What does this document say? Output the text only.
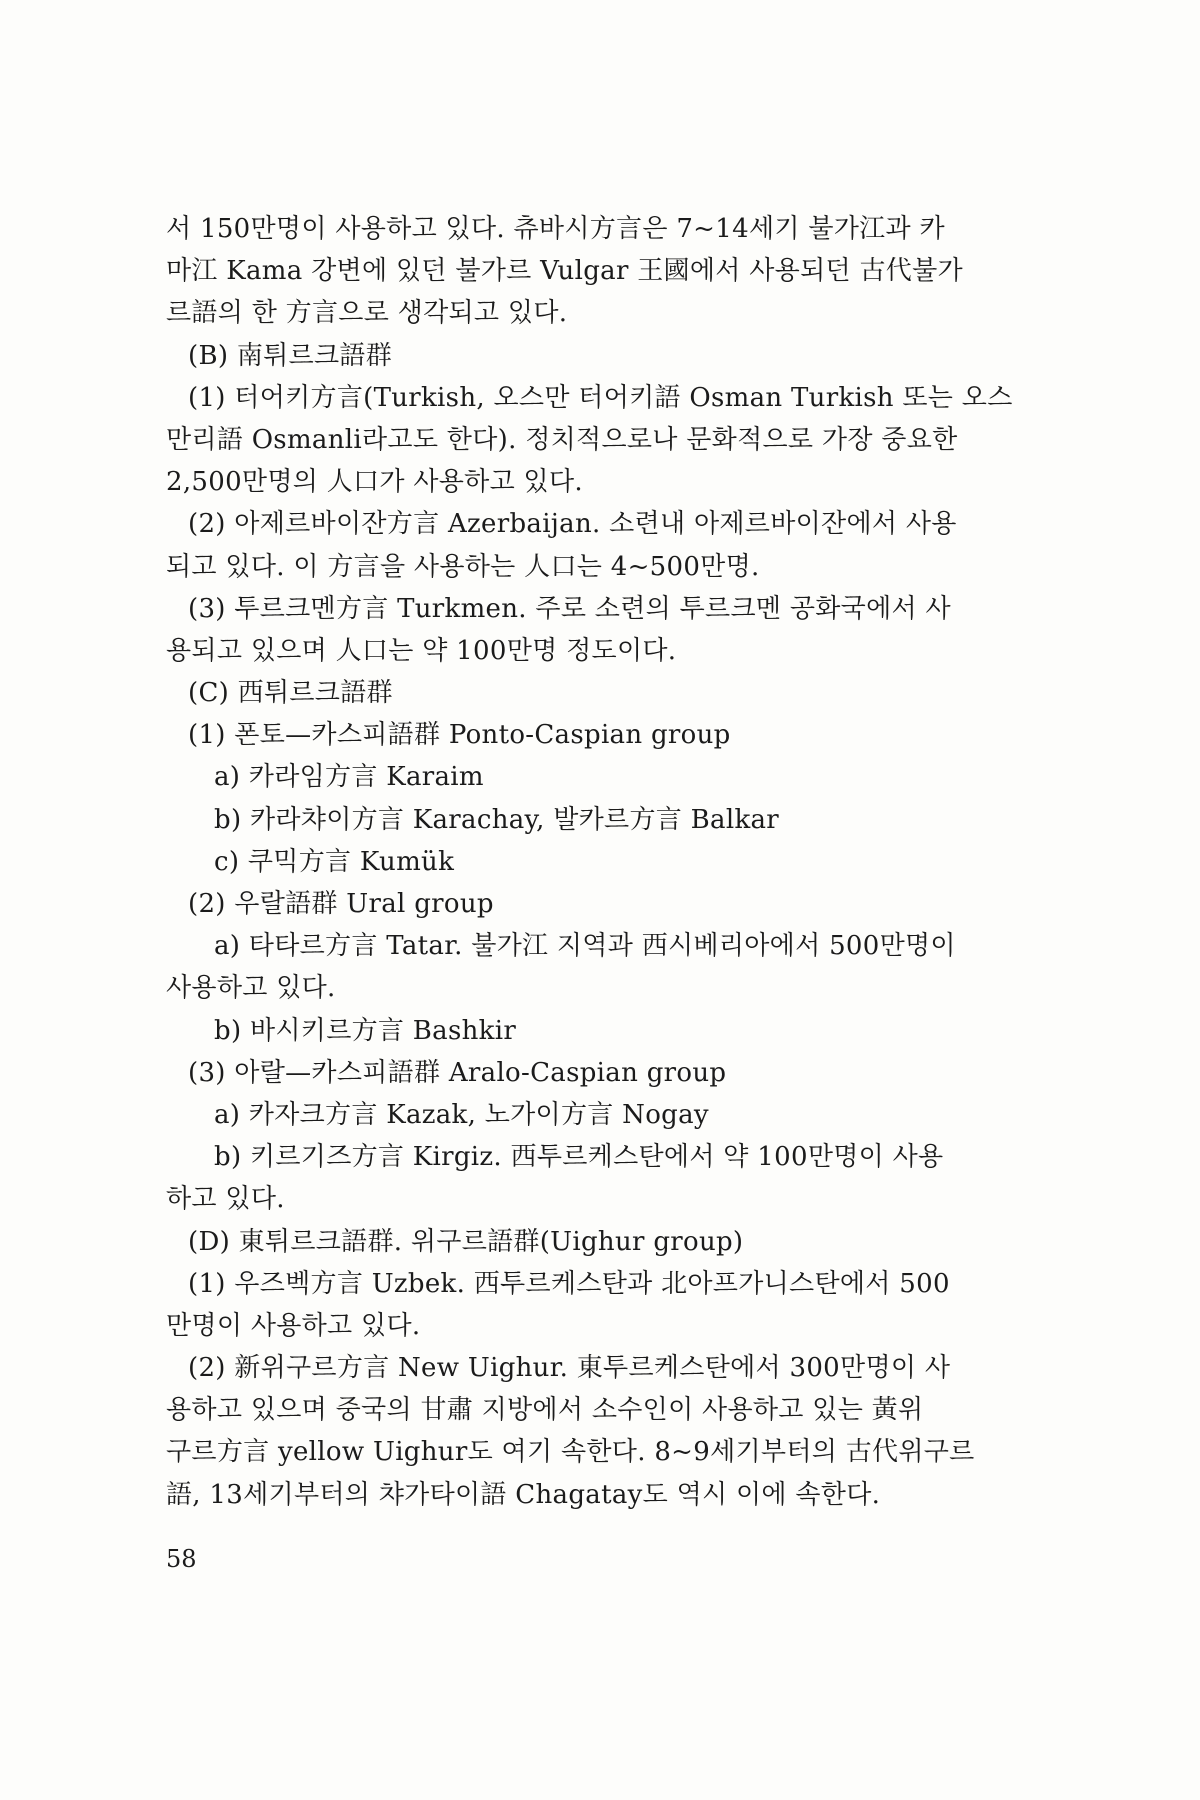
서 150만명이 사용하고 있다. 츄바시方言은 7~14세기 불가江과 카
마江 Kama 강변에 있던 불가르 Vulgar 王國에서 사용되던 古代불가
르語의 한 方言으로 생각되고 있다.
(B) 南튀르크語群
(1) 터어키方言(Turkish, 오스만 터어키語 Osman Turkish 또는 오스
만리語 Osmanli라고도 한다). 정치적으로나 문화적으로 가장 중요한
2,500만명의 人口가 사용하고 있다.
(2) 아제르바이잔方言 Azerbaijan. 소련내 아제르바이잔에서 사용
되고 있다. 이 方言을 사용하는 人口는 4~500만명.
(3) 투르크멘方言 Turkmen. 주로 소련의 투르크멘 공화국에서 사
용되고 있으며 人口는 약 100만명 정도이다.
(C) 西튀르크語群
(1) 폰토—카스피語群 Ponto-Caspian group
a) 카라임方言 Karaim
b) 카라챠이方言 Karachay, 발카르方言 Balkar
c) 쿠믹方言 Kumük
(2) 우랄語群 Ural group
a) 타타르方言 Tatar. 불가江 지역과 西시베리아에서 500만명이
사용하고 있다.
b) 바시키르方言 Bashkir
(3) 아랄—카스피語群 Aralo-Caspian group
a) 카자크方言 Kazak, 노가이方言 Nogay
b) 키르기즈方言 Kirgiz. 西투르케스탄에서 약 100만명이 사용
하고 있다.
(D) 東튀르크語群. 위구르語群(Uighur group)
(1) 우즈벡方言 Uzbek. 西투르케스탄과 北아프가니스탄에서 500
만명이 사용하고 있다.
(2) 新위구르方言 New Uighur. 東투르케스탄에서 300만명이 사
용하고 있으며 중국의 甘肅 지방에서 소수인이 사용하고 있는 黃위
구르方言 yellow Uighur도 여기 속한다. 8~9세기부터의 古代위구르
語, 13세기부터의 챠가타이語 Chagatay도 역시 이에 속한다.
58
